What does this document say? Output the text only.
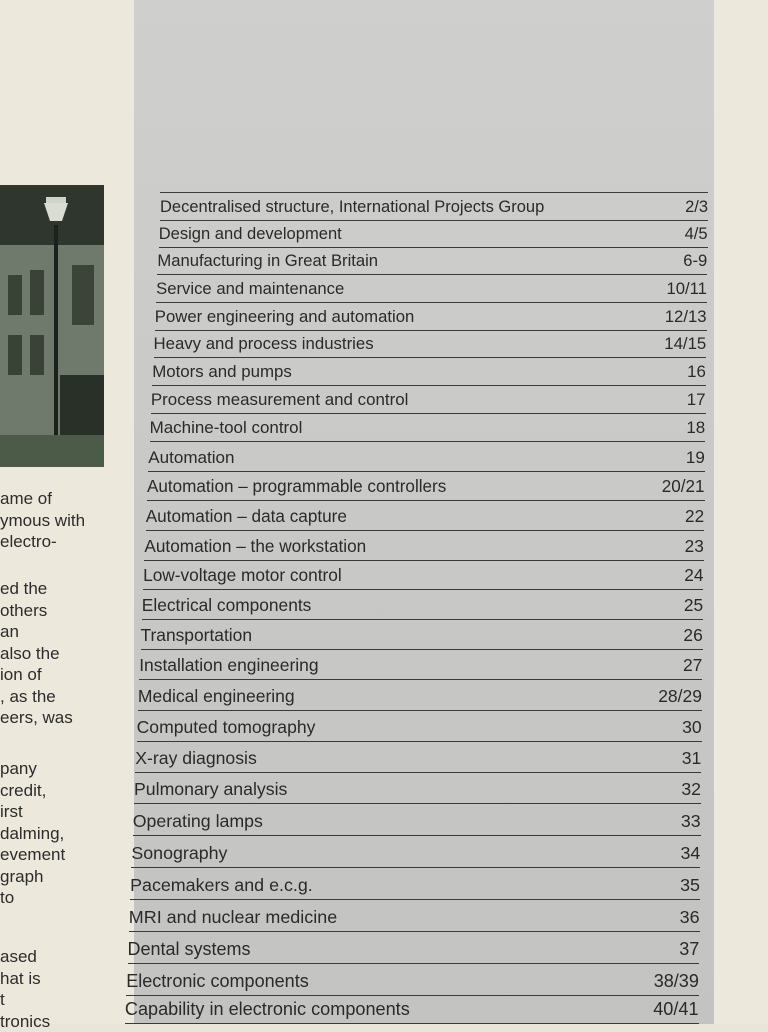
ame of
ymous with
electro-
ed the
others
an
also the
ion of
, as the
eers, was
pany
credit,
irst
dalming,
evement
graph
to
ased
hat is
t
tronics
Decentralised structure, International Projects Group	2/3
Design and development	4/5
Manufacturing in Great Britain	6-9
Service and maintenance	10/11
Power engineering and automation	12/13
Heavy and process industries	14/15
Motors and pumps	16
Process measurement and control	17
Machine-tool control	18
Automation	19
Automation – programmable controllers	20/21
Automation – data capture	22
Automation – the workstation	23
Low-voltage motor control	24
Electrical components	25
Transportation	26
Installation engineering	27
Medical engineering	28/29
Computed tomography	30
X-ray diagnosis	31
Pulmonary analysis	32
Operating lamps	33
Sonography	34
Pacemakers and e.c.g.	35
MRI and nuclear medicine	36
Dental systems	37
Electronic components	38/39
Capability in electronic components	40/41
